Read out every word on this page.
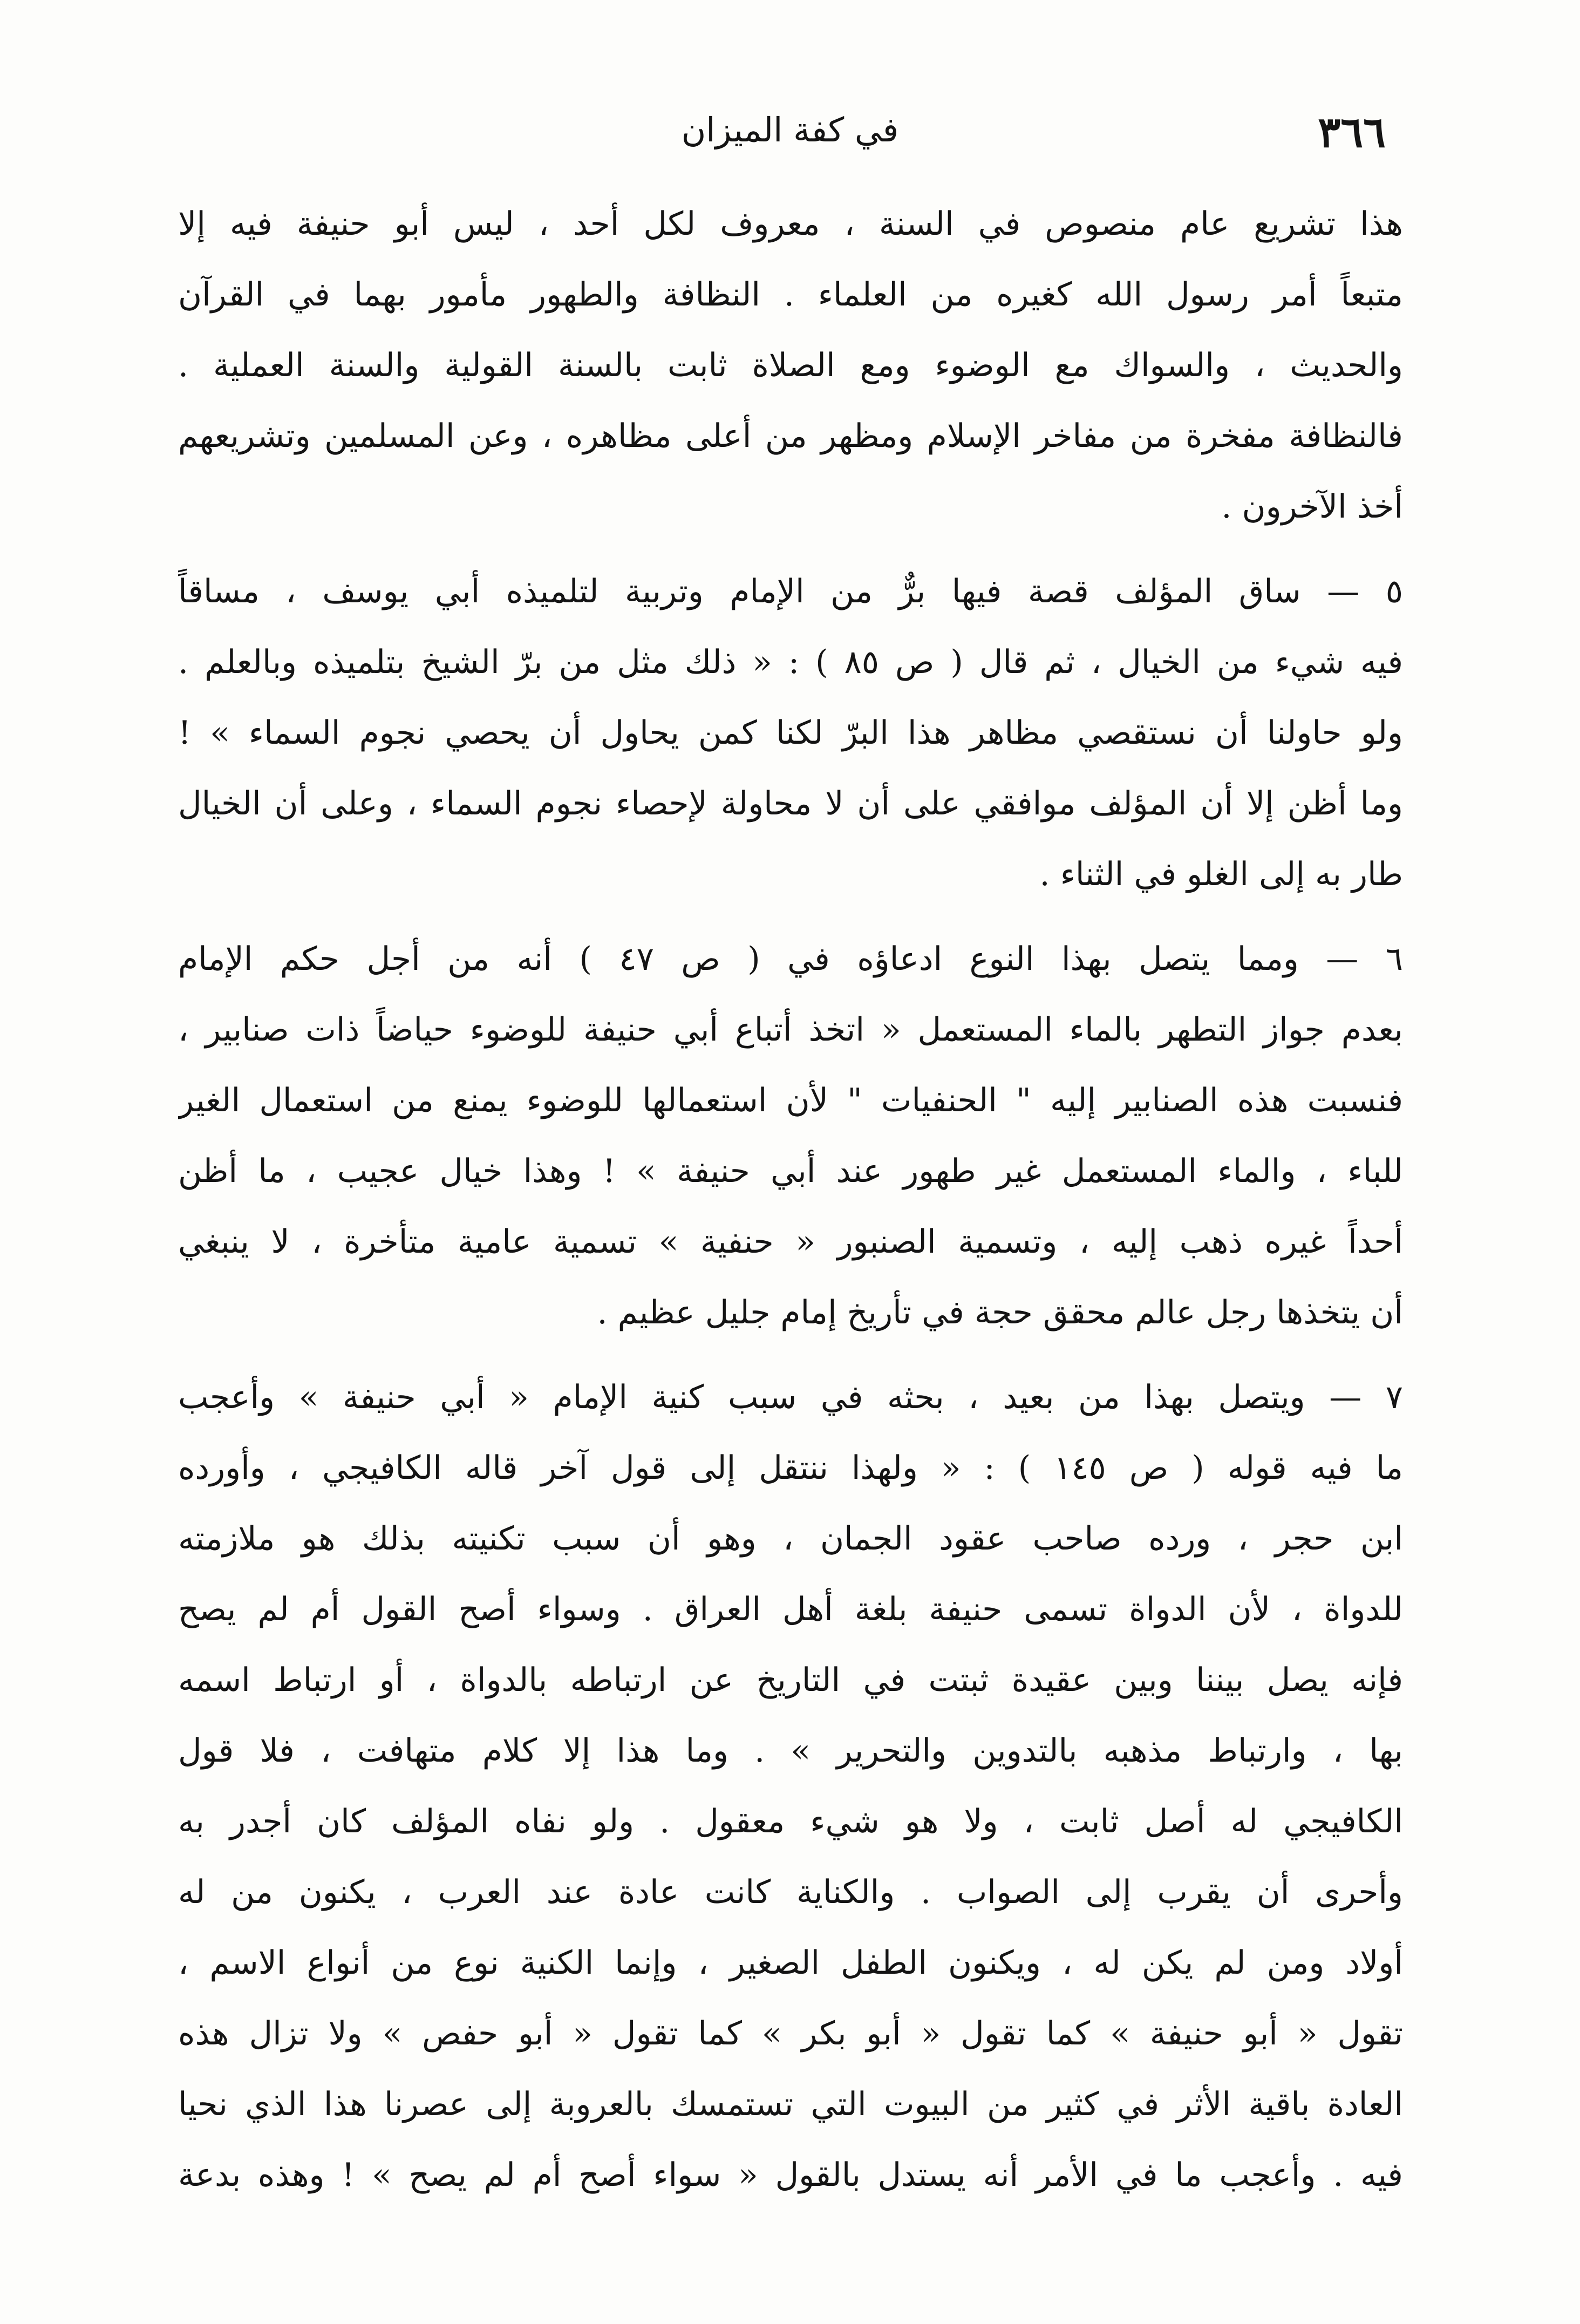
٣٦٦
في كفة الميزان
هذا تشريع عام منصوص في السنة ، معروف لكل أحد ، ليس أبو حنيفة فيه إلا
متبعاً أمر رسول الله كغيره من العلماء . النظافة والطهور مأمور بهما في القرآن
والحديث ، والسواك مع الوضوء ومع الصلاة ثابت بالسنة القولية والسنة العملية .
فالنظافة مفخرة من مفاخر الإسلام ومظهر من أعلى مظاهره ، وعن المسلمين وتشريعهم
أخذ الآخرون .
٥ — ساق المؤلف قصة فيها برٌّ من الإمام وتربية لتلميذه أبي يوسف ، مساقاً
فيه شيء من الخيال ، ثم قال ( ص ٨٥ ) : « ذلك مثل من برّ الشيخ بتلميذه وبالعلم .
ولو حاولنا أن نستقصي مظاهر هذا البرّ لكنا كمن يحاول أن يحصي نجوم السماء » !
وما أظن إلا أن المؤلف موافقي على أن لا محاولة لإحصاء نجوم السماء ، وعلى أن الخيال
طار به إلى الغلو في الثناء .
٦ — ومما يتصل بهذا النوع ادعاؤه في ( ص ٤٧ ) أنه من أجل حكم الإمام
بعدم جواز التطهر بالماء المستعمل « اتخذ أتباع أبي حنيفة للوضوء حياضاً ذات صنابير ،
فنسبت هذه الصنابير إليه " الحنفيات " لأن استعمالها للوضوء يمنع من استعمال الغير
للباء ، والماء المستعمل غير طهور عند أبي حنيفة » ! وهذا خيال عجيب ، ما أظن
أحداً غيره ذهب إليه ، وتسمية الصنبور « حنفية » تسمية عامية متأخرة ، لا ينبغي
أن يتخذها رجل عالم محقق حجة في تأريخ إمام جليل عظيم .
٧ — ويتصل بهذا من بعيد ، بحثه في سبب كنية الإمام « أبي حنيفة » وأعجب
ما فيه قوله ( ص ١٤٥ ) : « ولهذا ننتقل إلى قول آخر قاله الكافيجي ، وأورده
ابن حجر ، ورده صاحب عقود الجمان ، وهو أن سبب تكنيته بذلك هو ملازمته
للدواة ، لأن الدواة تسمى حنيفة بلغة أهل العراق . وسواء أصح القول أم لم يصح
فإنه يصل بيننا وبين عقيدة ثبتت في التاريخ عن ارتباطه بالدواة ، أو ارتباط اسمه
بها ، وارتباط مذهبه بالتدوين والتحرير » . وما هذا إلا كلام متهافت ، فلا قول
الكافيجي له أصل ثابت ، ولا هو شيء معقول . ولو نفاه المؤلف كان أجدر به
وأحرى أن يقرب إلى الصواب . والكناية كانت عادة عند العرب ، يكنون من له
أولاد ومن لم يكن له ، ويكنون الطفل الصغير ، وإنما الكنية نوع من أنواع الاسم ،
تقول « أبو حنيفة » كما تقول « أبو بكر » كما تقول « أبو حفص » ولا تزال هذه
العادة باقية الأثر في كثير من البيوت التي تستمسك بالعروبة إلى عصرنا هذا الذي نحيا
فيه . وأعجب ما في الأمر أنه يستدل بالقول « سواء أصح أم لم يصح » ! وهذه بدعة
